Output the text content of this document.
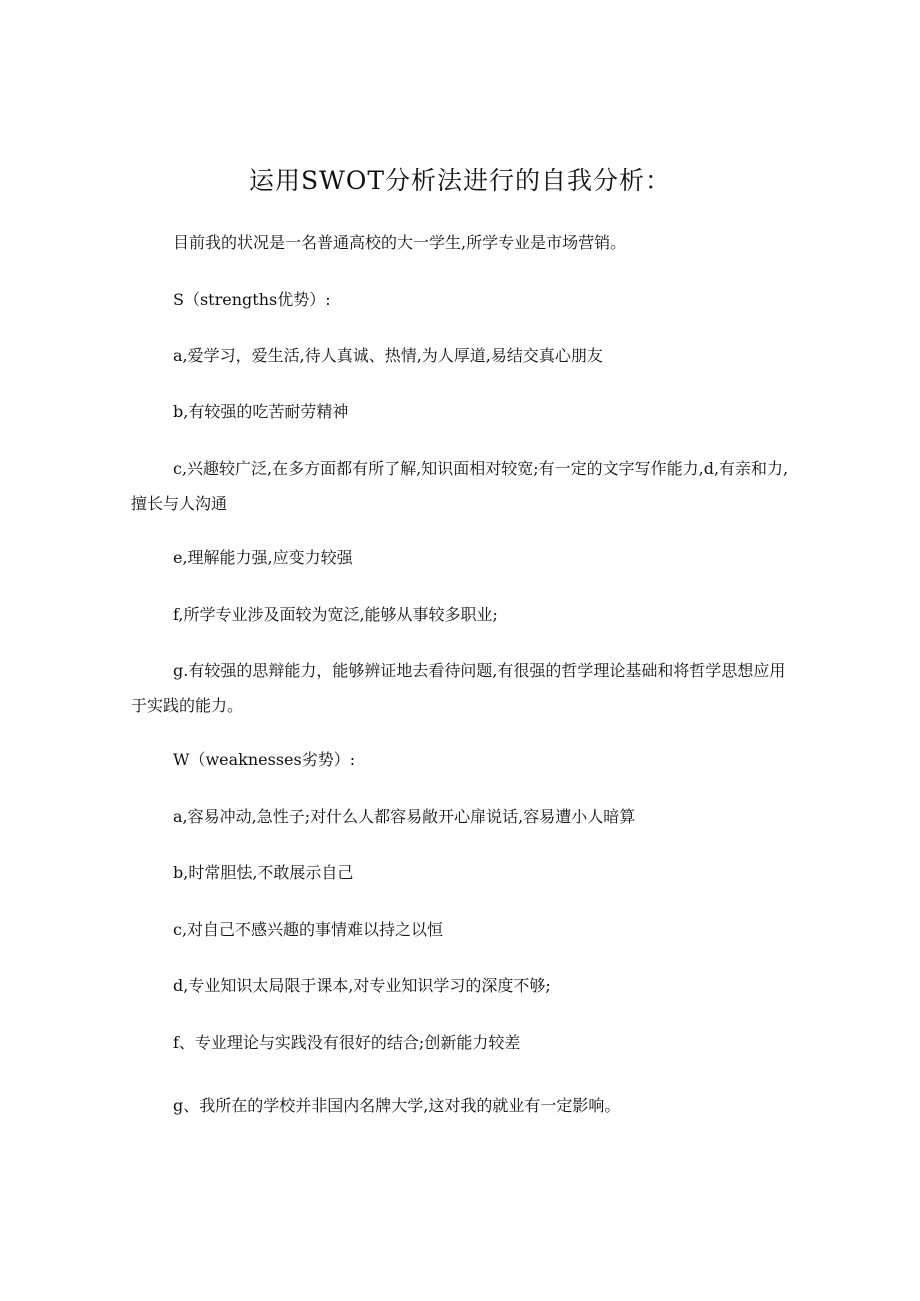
运用SWOT分析法进行的自我分析：
目前我的状况是一名普通高校的大一学生,所学专业是市场营销。
S（strengths优势）:
a,爱学习，爱生活,待人真诚、热情,为人厚道,易结交真心朋友
b,有较强的吃苦耐劳精神
c,兴趣较广泛,在多方面都有所了解,知识面相对较宽;有一定的文字写作能力,d,有亲和力,擅长与人沟通
e,理解能力强,应变力较强
f,所学专业涉及面较为宽泛,能够从事较多职业;
g.有较强的思辩能力，能够辨证地去看待问题,有很强的哲学理论基础和将哲学思想应用于实践的能力。
W（weaknesses劣势）:
a,容易冲动,急性子;对什么人都容易敞开心扉说话,容易遭小人暗算
b,时常胆怯,不敢展示自己
c,对自己不感兴趣的事情难以持之以恒
d,专业知识太局限于课本,对专业知识学习的深度不够;
f、专业理论与实践没有很好的结合;创新能力较差
g、我所在的学校并非国内名牌大学,这对我的就业有一定影响。
